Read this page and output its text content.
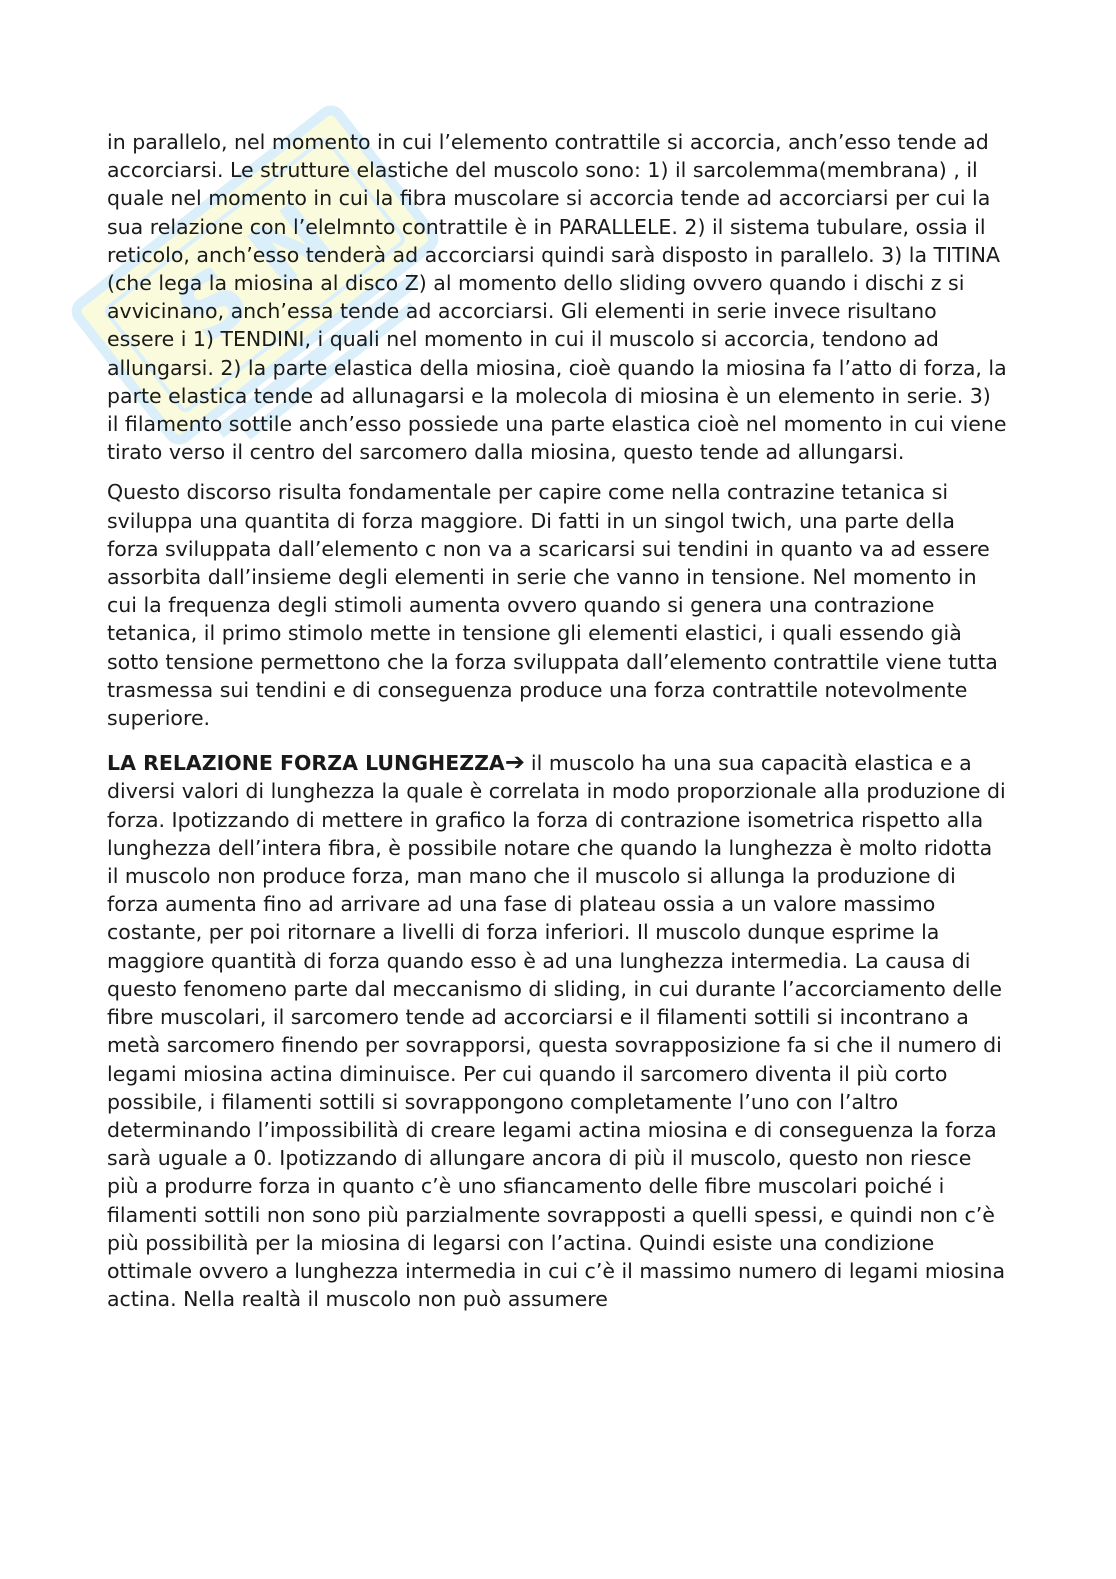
S N

in parallelo, nel momento in cui l’elemento contrattile si accorcia, anch’esso tende ad accorciarsi. Le strutture elastiche del muscolo sono: 1) il sarcolemma(membrana) , il quale nel momento in cui la fibra muscolare si accorcia tende ad accorciarsi per cui la sua relazione con l’elelmnto contrattile è in PARALLELE. 2) il sistema tubulare, ossia il reticolo, anch’esso tenderà ad accorciarsi quindi sarà disposto in parallelo. 3) la TITINA (che lega la miosina al disco Z) al momento dello sliding ovvero quando i dischi z si avvicinano, anch’essa tende ad accorciarsi. Gli elementi in serie invece risultano essere i 1) TENDINI, i quali nel momento in cui il muscolo si accorcia, tendono ad allungarsi. 2) la parte elastica della miosina, cioè quando la miosina fa l’atto di forza, la parte elastica tende ad allunagarsi e la molecola di miosina è un elemento in serie. 3) il filamento sottile anch’esso possiede una parte elastica cioè nel momento in cui viene tirato verso il centro del sarcomero dalla miosina, questo tende ad allungarsi.

Questo discorso risulta fondamentale per capire come nella contrazine tetanica si sviluppa una quantita di forza maggiore. Di fatti in un singol twich, una parte della forza sviluppata dall’elemento c non va a scaricarsi sui tendini in quanto va ad essere assorbita dall’insieme degli elementi in serie che vanno in tensione. Nel momento in cui la frequenza degli stimoli aumenta ovvero quando si genera una contrazione tetanica, il primo stimolo mette in tensione gli elementi elastici, i quali essendo già sotto tensione permettono che la forza sviluppata dall’elemento contrattile viene tutta trasmessa sui tendini e di conseguenza produce una forza contrattile notevolmente superiore.

LA RELAZIONE FORZA LUNGHEZZA➔ il muscolo ha una sua capacità elastica e a diversi valori di lunghezza la quale è correlata in modo proporzionale alla produzione di forza. Ipotizzando di mettere in grafico la forza di contrazione isometrica rispetto alla lunghezza dell’intera fibra, è possibile notare che quando la lunghezza è molto ridotta il muscolo non produce forza, man mano che il muscolo si allunga la produzione di forza aumenta fino ad arrivare ad una fase di plateau ossia a un valore massimo costante, per poi ritornare a livelli di forza inferiori. Il muscolo dunque esprime la maggiore quantità di forza quando esso è ad una lunghezza intermedia. La causa di questo fenomeno parte dal meccanismo di sliding, in cui durante l’accorciamento delle fibre muscolari, il sarcomero tende ad accorciarsi e il filamenti sottili si incontrano a metà sarcomero finendo per sovrapporsi, questa sovrapposizione fa si che il numero di legami miosina actina diminuisce. Per cui quando il sarcomero diventa il più corto possibile, i filamenti sottili si sovrappongono completamente l’uno con l’altro determinando l’impossibilità di creare legami actina miosina e di conseguenza la forza sarà uguale a 0. Ipotizzando di allungare ancora di più il muscolo, questo non riesce più a produrre forza in quanto c’è uno sfiancamento delle fibre muscolari poiché i filamenti sottili non sono più parzialmente sovrapposti a quelli spessi, e quindi non c’è più possibilità per la miosina di legarsi con l’actina. Quindi esiste una condizione ottimale ovvero a lunghezza intermedia in cui c’è il massimo numero di legami miosina actina. Nella realtà il muscolo non può assumere
